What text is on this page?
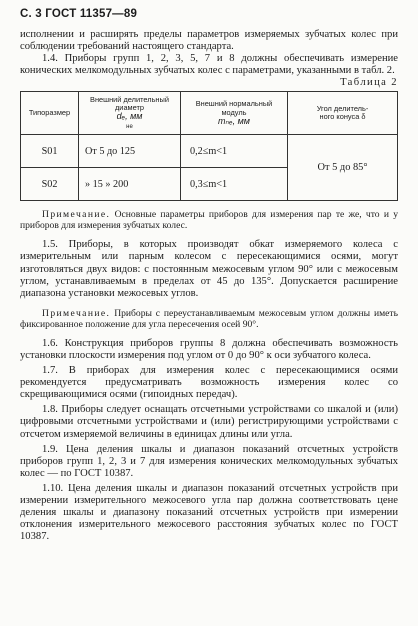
С. 3 ГОСТ 11357—89

исполнении и расширять пределы параметров измеряемых зубчатых колес при соблюдении требований настоящего стандарта.

1.4. Приборы групп 1, 2, 3, 5, 7 и 8 должны обеспечивать измерение конических мелкомодульных зубчатых колес с параметрами, указанными в табл. 2.

Таблица 2
Типоразмер	Внешний делительный
диаметр
dₑ, мм
не	Внешний нормальный
модуль
mₙₑ, мм	Угол делитель-
ного конуса δ
S01	От 5 до 125	0,2≤m<1	От 5 до 85°
S02	» 15 » 200	0,3≤m<1	

Примечание. Основные параметры приборов для измерения пар те же, что и у приборов для измерения зубчатых колес.

1.5. Приборы, в которых производят обкат измеряемого колеса с измерительным или парным колесом с пересекающимися осями, могут изготовляться двух видов: с постоянным межосевым углом 90° или с межосевым углом, устанавливаемым в пределах от 45 до 135°. Допускается расширение диапазона установки межосевых углов.

Примечание. Приборы с переустанавливаемым межосевым углом должны иметь фиксированное положение для угла пересечения осей 90°.

1.6. Конструкция приборов группы 8 должна обеспечивать возможность установки плоскости измерения под углом от 0 до 90° к оси зубчатого колеса.

1.7. В приборах для измерения колес с пересекающимися осями рекомендуется предусматривать возможность измерения колес со скрещивающимися осями (гипоидных передач).

1.8. Приборы следует оснащать отсчетными устройствами со шкалой и (или) цифровыми отсчетными устройствами и (или) регистрирующими устройствами с отсчетом измеряемой величины в единицах длины или угла.

1.9. Цена деления шкалы и диапазон показаний отсчетных устройств приборов групп 1, 2, 3 и 7 для измерения конических мелкомодульных зубчатых колес — по ГОСТ 10387.

1.10. Цена деления шкалы и диапазон показаний отсчетных устройств при измерении измерительного межосевого угла пар должна соответствовать цене деления шкалы и диапазону показаний отсчетных устройств при измерении отклонения измерительного межосевого расстояния зубчатых колес по ГОСТ 10387.
